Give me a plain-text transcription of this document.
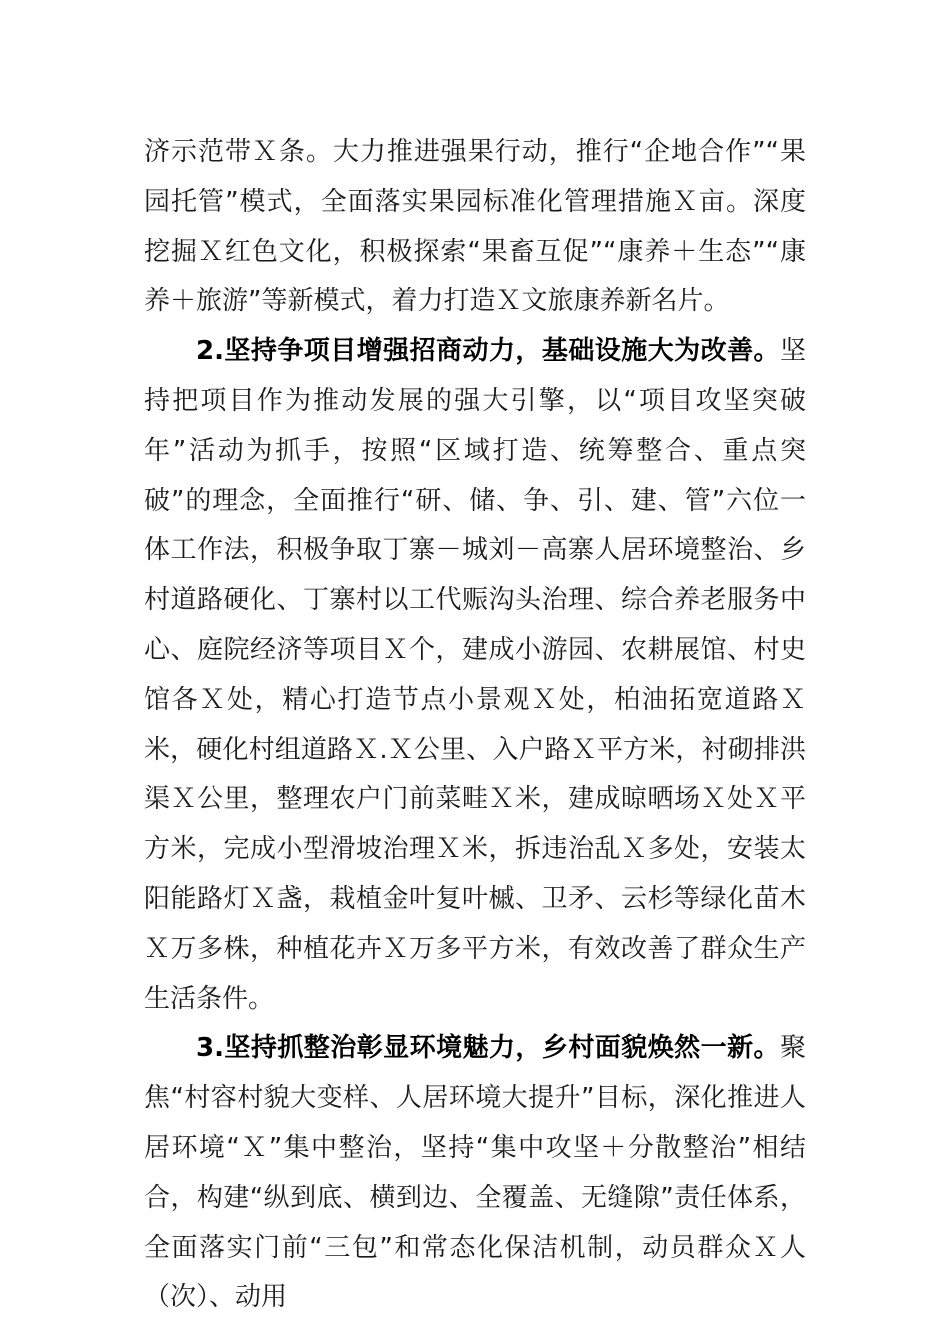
济示范带Ｘ条。大力推进强果行动，推行“企地合作”“果园托管”模式，全面落实果园标准化管理措施Ｘ亩。深度挖掘Ｘ红色文化，积极探索“果畜互促”“康养＋生态”“康养＋旅游”等新模式，着力打造Ｘ文旅康养新名片。

2.坚持争项目增强招商动力，基础设施大为改善。坚持把项目作为推动发展的强大引擎，以“项目攻坚突破年”活动为抓手，按照“区域打造、统筹整合、重点突破”的理念，全面推行“研、储、争、引、建、管”六位一体工作法，积极争取丁寨－城刘－高寨人居环境整治、乡村道路硬化、丁寨村以工代赈沟头治理、综合养老服务中心、庭院经济等项目Ｘ个，建成小游园、农耕展馆、村史馆各Ｘ处，精心打造节点小景观Ｘ处，柏油拓宽道路Ｘ米，硬化村组道路Ｘ.Ｘ公里、入户路Ｘ平方米，衬砌排洪渠Ｘ公里，整理农户门前菜畦Ｘ米，建成晾晒场Ｘ处Ｘ平方米，完成小型滑坡治理Ｘ米，拆违治乱Ｘ多处，安装太阳能路灯Ｘ盏，栽植金叶复叶槭、卫矛、云杉等绿化苗木Ｘ万多株，种植花卉Ｘ万多平方米，有效改善了群众生产生活条件。

3.坚持抓整治彰显环境魅力，乡村面貌焕然一新。聚焦“村容村貌大变样、人居环境大提升”目标，深化推进人居环境“Ｘ”集中整治，坚持“集中攻坚＋分散整治”相结合，构建“纵到底、横到边、全覆盖、无缝隙”责任体系，全面落实门前“三包”和常态化保洁机制，动员群众Ｘ人（次）、动用
